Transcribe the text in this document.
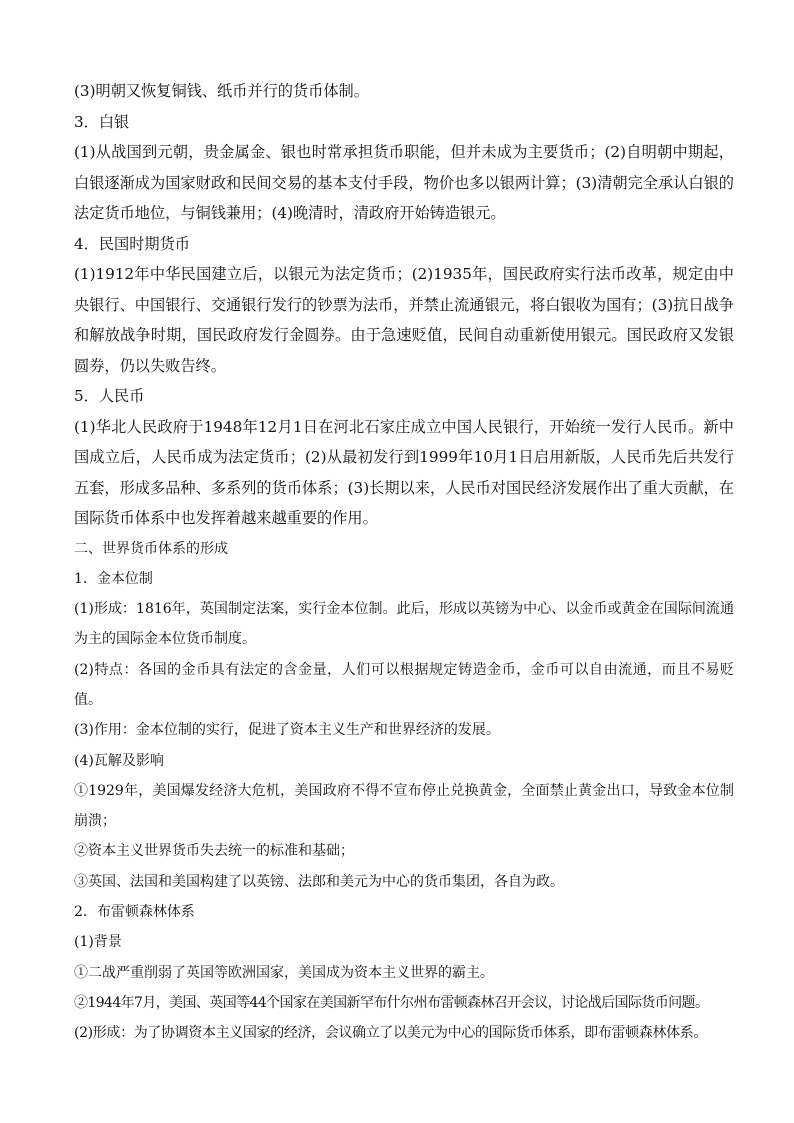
(3)明朝又恢复铜钱、纸币并行的货币体制。

3．白银

(1)从战国到元朝，贵金属金、银也时常承担货币职能，但并未成为主要货币；(2)自明朝中期起，白银逐渐成为国家财政和民间交易的基本支付手段，物价也多以银两计算；(3)清朝完全承认白银的法定货币地位，与铜钱兼用；(4)晚清时，清政府开始铸造银元。

4．民国时期货币

(1)1912年中华民国建立后，以银元为法定货币；(2)1935年，国民政府实行法币改革，规定由中央银行、中国银行、交通银行发行的钞票为法币，并禁止流通银元，将白银收为国有；(3)抗日战争和解放战争时期，国民政府发行金圆券。由于急速贬值，民间自动重新使用银元。国民政府又发银圆券，仍以失败告终。

5．人民币

(1)华北人民政府于1948年12月1日在河北石家庄成立中国人民银行，开始统一发行人民币。新中国成立后，人民币成为法定货币；(2)从最初发行到1999年10月1日启用新版，人民币先后共发行五套，形成多品种、多系列的货币体系；(3)长期以来，人民币对国民经济发展作出了重大贡献，在国际货币体系中也发挥着越来越重要的作用。

二、世界货币体系的形成

1．金本位制

(1)形成：1816年，英国制定法案，实行金本位制。此后，形成以英镑为中心、以金币或黄金在国际间流通为主的国际金本位货币制度。

(2)特点：各国的金币具有法定的含金量，人们可以根据规定铸造金币，金币可以自由流通，而且不易贬值。

(3)作用：金本位制的实行，促进了资本主义生产和世界经济的发展。

(4)瓦解及影响

①1929年，美国爆发经济大危机，美国政府不得不宣布停止兑换黄金，全面禁止黄金出口，导致金本位制崩溃；

②资本主义世界货币失去统一的标准和基础；

③英国、法国和美国构建了以英镑、法郎和美元为中心的货币集团，各自为政。

2．布雷顿森林体系

(1)背景

①二战严重削弱了英国等欧洲国家，美国成为资本主义世界的霸主。

②1944年7月，美国、英国等44个国家在美国新罕布什尔州布雷顿森林召开会议，讨论战后国际货币问题。

(2)形成：为了协调资本主义国家的经济，会议确立了以美元为中心的国际货币体系，即布雷顿森林体系。
